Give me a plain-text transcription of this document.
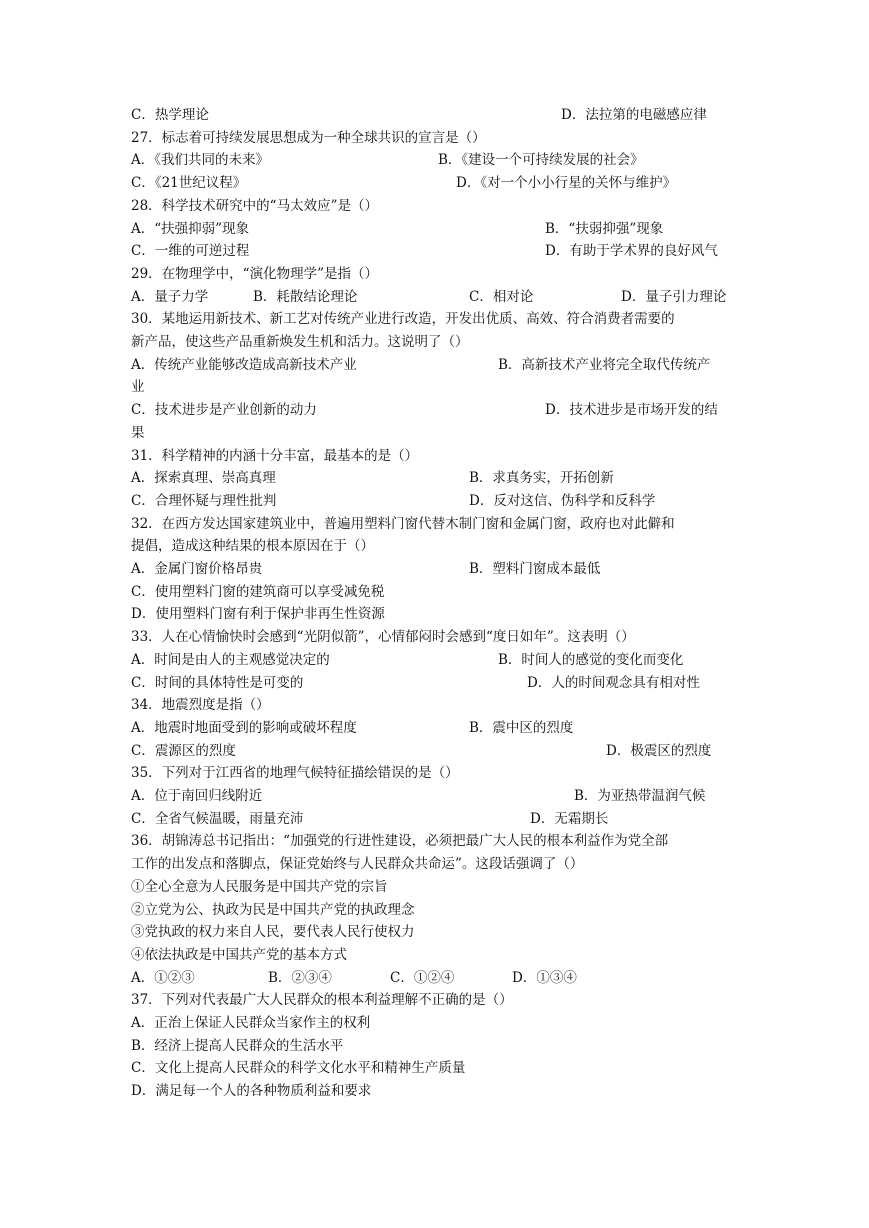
C．热学理论	D．法拉第的电磁感应律
27．标志着可持续发展思想成为一种全球共识的宣言是（）
A．《我们共同的未来》	B．《建设一个可持续发展的社会》
C．《21世纪议程》	D．《对一个小小行星的关怀与维护》
28．科学技术研究中的“马太效应”是（）
A．“扶强抑弱”现象	B．“扶弱抑强”现象
C．一维的可逆过程	D．有助于学术界的良好风气
29．在物理学中，“演化物理学”是指（）
A．量子力学	B．耗散结论理论	C．相对论	D．量子引力理论
30．某地运用新技术、新工艺对传统产业进行改造，开发出优质、高效、符合消费者需要的
新产品，使这些产品重新焕发生机和活力。这说明了（）
A．传统产业能够改造成高新技术产业	B．高新技术产业将完全取代传统产
业
C．技术进步是产业创新的动力	D．技术进步是市场开发的结
果
31．科学精神的内涵十分丰富，最基本的是（）
A．探索真理、崇高真理	B．求真务实，开拓创新
C．合理怀疑与理性批判	D．反对这信、伪科学和反科学
32．在西方发达国家建筑业中，普遍用塑料门窗代替木制门窗和金属门窗，政府也对此僻和
提倡，造成这种结果的根本原因在于（）
A．金属门窗价格昂贵	B．塑料门窗成本最低
C．使用塑料门窗的建筑商可以享受减免税
D．使用塑料门窗有利于保护非再生性资源
33．人在心情愉快时会感到“光阴似箭”，心情郁闷时会感到“度日如年”。这表明（）
A．时间是由人的主观感觉决定的	B．时间人的感觉的变化而变化
C．时间的具体特性是可变的	D．人的时间观念具有相对性
34．地震烈度是指（）
A．地震时地面受到的影响或破坏程度	B．震中区的烈度
C．震源区的烈度	D．极震区的烈度
35．下列对于江西省的地理气候特征描绘错误的是（）
A．位于南回归线附近	B．为亚热带温润气候
C．全省气候温暖，雨量充沛	D．无霜期长
36．胡锦涛总书记指出：“加强党的行进性建设，必须把最广大人民的根本利益作为党全部
工作的出发点和落脚点，保证党始终与人民群众共命运”。这段话强调了（）
①全心全意为人民服务是中国共产党的宗旨
②立党为公、执政为民是中国共产党的执政理念
③党执政的权力来自人民，要代表人民行使权力
④依法执政是中国共产党的基本方式
A．①②③	B．②③④	C．①②④	D．①③④
37．下列对代表最广大人民群众的根本利益理解不正确的是（）
A．正治上保证人民群众当家作主的权利
B．经济上提高人民群众的生活水平
C．文化上提高人民群众的科学文化水平和精神生产质量
D．满足每一个人的各种物质利益和要求
